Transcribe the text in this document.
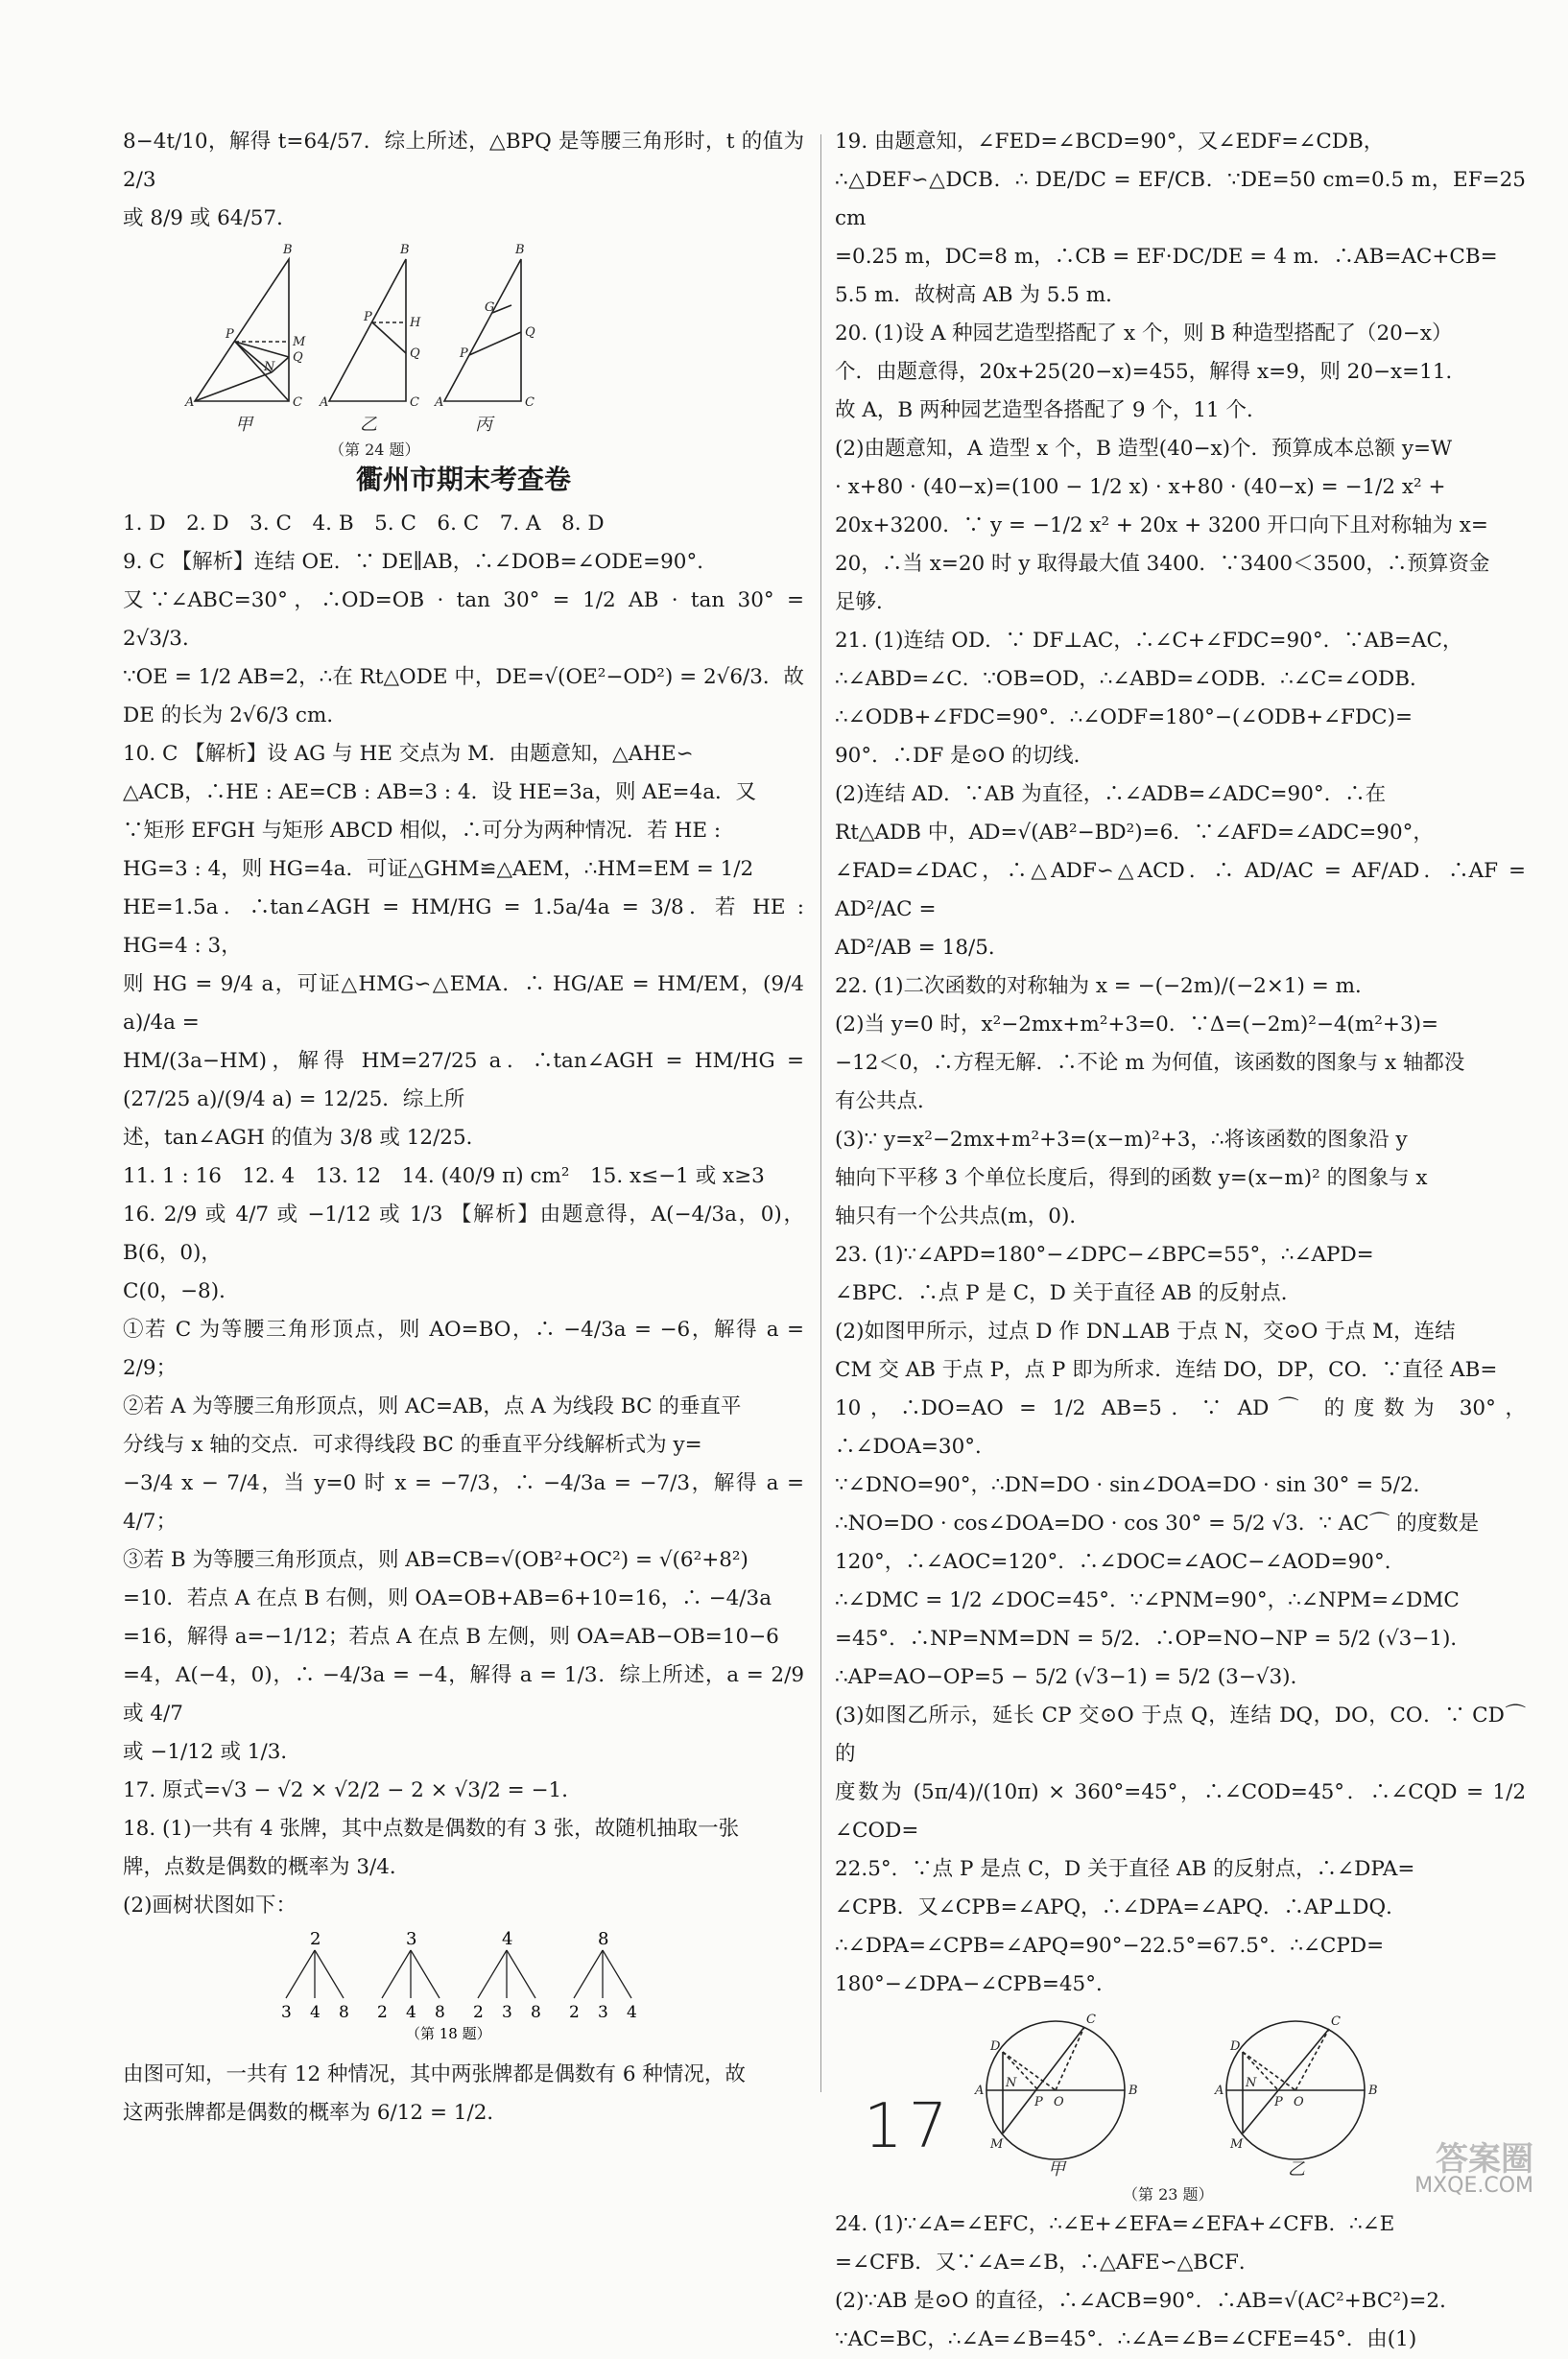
8−4t/10，解得 t=64/57．综上所述，△BPQ 是等腰三角形时，t 的值为 2/3

或 8/9 或 64/57．

B
A	C
P
M
Q
N
B
A	C
P	H
Q
B
A	C
P
G
Q
甲	乙	丙
（第 24 题）
衢州市期末考查卷

1. D　2. D　3. C　4. B　5. C　6. C　7. A　8. D

9. C 【解析】连结 OE．∵ DE∥AB，∴∠DOB=∠ODE=90°．

又∵∠ABC=30°，∴OD=OB · tan 30° = 1/2 AB · tan 30° = 2√3/3．

∵OE = 1/2 AB=2，∴在 Rt△ODE 中，DE=√(OE²−OD²) = 2√6/3．故

DE 的长为 2√6/3 cm．

10. C 【解析】设 AG 与 HE 交点为 M．由题意知，△AHE∽

△ACB，∴HE : AE=CB : AB=3 : 4．设 HE=3a，则 AE=4a．又

∵矩形 EFGH 与矩形 ABCD 相似，∴可分为两种情况．若 HE :

HG=3 : 4，则 HG=4a．可证△GHM≌△AEM，∴HM=EM = 1/2

HE=1.5a．∴tan∠AGH = HM/HG = 1.5a/4a = 3/8．若 HE : HG=4 : 3，

则 HG = 9/4 a，可证△HMG∽△EMA．∴ HG/AE = HM/EM，(9/4 a)/4a =

HM/(3a−HM)，解得 HM=27/25 a．∴tan∠AGH = HM/HG = (27/25 a)/(9/4 a) = 12/25．综上所

述，tan∠AGH 的值为 3/8 或 12/25．

11. 1 : 16　12. 4　13. 12　14. (40/9 π) cm²　15. x≤−1 或 x≥3

16. 2/9 或 4/7 或 −1/12 或 1/3 【解析】由题意得，A(−4/3a，0)，B(6，0)，

C(0，−8)．

①若 C 为等腰三角形顶点，则 AO=BO，∴ −4/3a = −6，解得 a = 2/9；

②若 A 为等腰三角形顶点，则 AC=AB，点 A 为线段 BC 的垂直平

分线与 x 轴的交点．可求得线段 BC 的垂直平分线解析式为 y=

−3/4 x − 7/4，当 y=0 时 x = −7/3，∴ −4/3a = −7/3，解得 a = 4/7；

③若 B 为等腰三角形顶点，则 AB=CB=√(OB²+OC²) = √(6²+8²)

=10．若点 A 在点 B 右侧，则 OA=OB+AB=6+10=16，∴ −4/3a

=16，解得 a=−1/12；若点 A 在点 B 左侧，则 OA=AB−OB=10−6

=4，A(−4，0)，∴ −4/3a = −4，解得 a = 1/3．综上所述，a = 2/9 或 4/7

或 −1/12 或 1/3．

17. 原式=√3 − √2 × √2/2 − 2 × √3/2 = −1．

18. (1)一共有 4 张牌，其中点数是偶数的有 3 张，故随机抽取一张

牌，点数是偶数的概率为 3/4．

(2)画树状图如下：

2
3 4 8
3
2 4 8
4
2 3 8
8
2 3 4
（第 18 题）

由图可知，一共有 12 种情况，其中两张牌都是偶数有 6 种情况，故

这两张牌都是偶数的概率为 6/12 = 1/2．

19. 由题意知，∠FED=∠BCD=90°，又∠EDF=∠CDB，

∴△DEF∽△DCB．∴ DE/DC = EF/CB．∵DE=50 cm=0.5 m，EF=25 cm

=0.25 m，DC=8 m，∴CB = EF·DC/DE = 4 m．∴AB=AC+CB=

5.5 m．故树高 AB 为 5.5 m．

20. (1)设 A 种园艺造型搭配了 x 个，则 B 种造型搭配了（20−x）

个．由题意得，20x+25(20−x)=455，解得 x=9，则 20−x=11．

故 A，B 两种园艺造型各搭配了 9 个，11 个．

(2)由题意知，A 造型 x 个，B 造型(40−x)个．预算成本总额 y=W

· x+80 · (40−x)=(100 − 1/2 x) · x+80 · (40−x) = −1/2 x² +

20x+3200．∵ y = −1/2 x² + 20x + 3200 开口向下且对称轴为 x=

20，∴当 x=20 时 y 取得最大值 3400．∵3400＜3500，∴预算资金

足够．

21. (1)连结 OD．∵ DF⊥AC，∴∠C+∠FDC=90°．∵AB=AC，

∴∠ABD=∠C．∵OB=OD，∴∠ABD=∠ODB．∴∠C=∠ODB．

∴∠ODB+∠FDC=90°．∴∠ODF=180°−(∠ODB+∠FDC)=

90°．∴DF 是⊙O 的切线．

(2)连结 AD．∵AB 为直径，∴∠ADB=∠ADC=90°．∴在

Rt△ADB 中，AD=√(AB²−BD²)=6．∵∠AFD=∠ADC=90°，

∠FAD=∠DAC，∴△ADF∽△ACD．∴ AD/AC = AF/AD．∴AF = AD²/AC =

AD²/AB = 18/5．

22. (1)二次函数的对称轴为 x = −(−2m)/(−2×1) = m．

(2)当 y=0 时，x²−2mx+m²+3=0．∵Δ=(−2m)²−4(m²+3)=

−12＜0，∴方程无解．∴不论 m 为何值，该函数的图象与 x 轴都没

有公共点．

(3)∵ y=x²−2mx+m²+3=(x−m)²+3，∴将该函数的图象沿 y

轴向下平移 3 个单位长度后，得到的函数 y=(x−m)² 的图象与 x

轴只有一个公共点(m，0)．

23. (1)∵∠APD=180°−∠DPC−∠BPC=55°，∴∠APD=

∠BPC．∴点 P 是 C，D 关于直径 AB 的反射点．

(2)如图甲所示，过点 D 作 DN⊥AB 于点 N，交⊙O 于点 M，连结

CM 交 AB 于点 P，点 P 即为所求．连结 DO，DP，CO．∵直径 AB=

10，∴DO=AO = 1/2 AB=5．∵ AD⌒ 的度数为 30°，∴∠DOA=30°．

∵∠DNO=90°，∴DN=DO · sin∠DOA=DO · sin 30° = 5/2．

∴NO=DO · cos∠DOA=DO · cos 30° = 5/2 √3．∵ AC⌒ 的度数是

120°，∴∠AOC=120°．∴∠DOC=∠AOC−∠AOD=90°．

∴∠DMC = 1/2 ∠DOC=45°．∵∠PNM=90°，∴∠NPM=∠DMC

=45°．∴NP=NM=DN = 5/2．∴OP=NO−NP = 5/2 (√3−1)．

∴AP=AO−OP=5 − 5/2 (√3−1) = 5/2 (3−√3)．

(3)如图乙所示，延长 CP 交⊙O 于点 Q，连结 DQ，DO，CO．∵ CD⌒ 的

度数为 (5π/4)/(10π) × 360°=45°，∴∠COD=45°．∴∠CQD = 1/2 ∠COD=

22.5°．∵点 P 是点 C，D 关于直径 AB 的反射点，∴∠DPA=

∠CPB．又∠CPB=∠APQ，∴∠DPA=∠APQ．∴AP⊥DQ．

∴∠DPA=∠CPB=∠APQ=90°−22.5°=67.5°．∴∠CPD=

180°−∠DPA−∠CPB=45°．

D
A	B
C
N
P O
M
D
A	B
C
N
P O
M
甲	乙
（第 23 题）

24. (1)∵∠A=∠EFC，∴∠E+∠EFA=∠EFA+∠CFB．∴∠E

=∠CFB．又∵∠A=∠B，∴△AFE∽△BCF．

(2)∵AB 是⊙O 的直径，∴∠ACB=90°．∴AB=√(AC²+BC²)=2．

∵AC=BC，∴∠A=∠B=45°．∴∠A=∠B=∠CFE=45°．由(1)

17	答案圈
MXQE.COM
